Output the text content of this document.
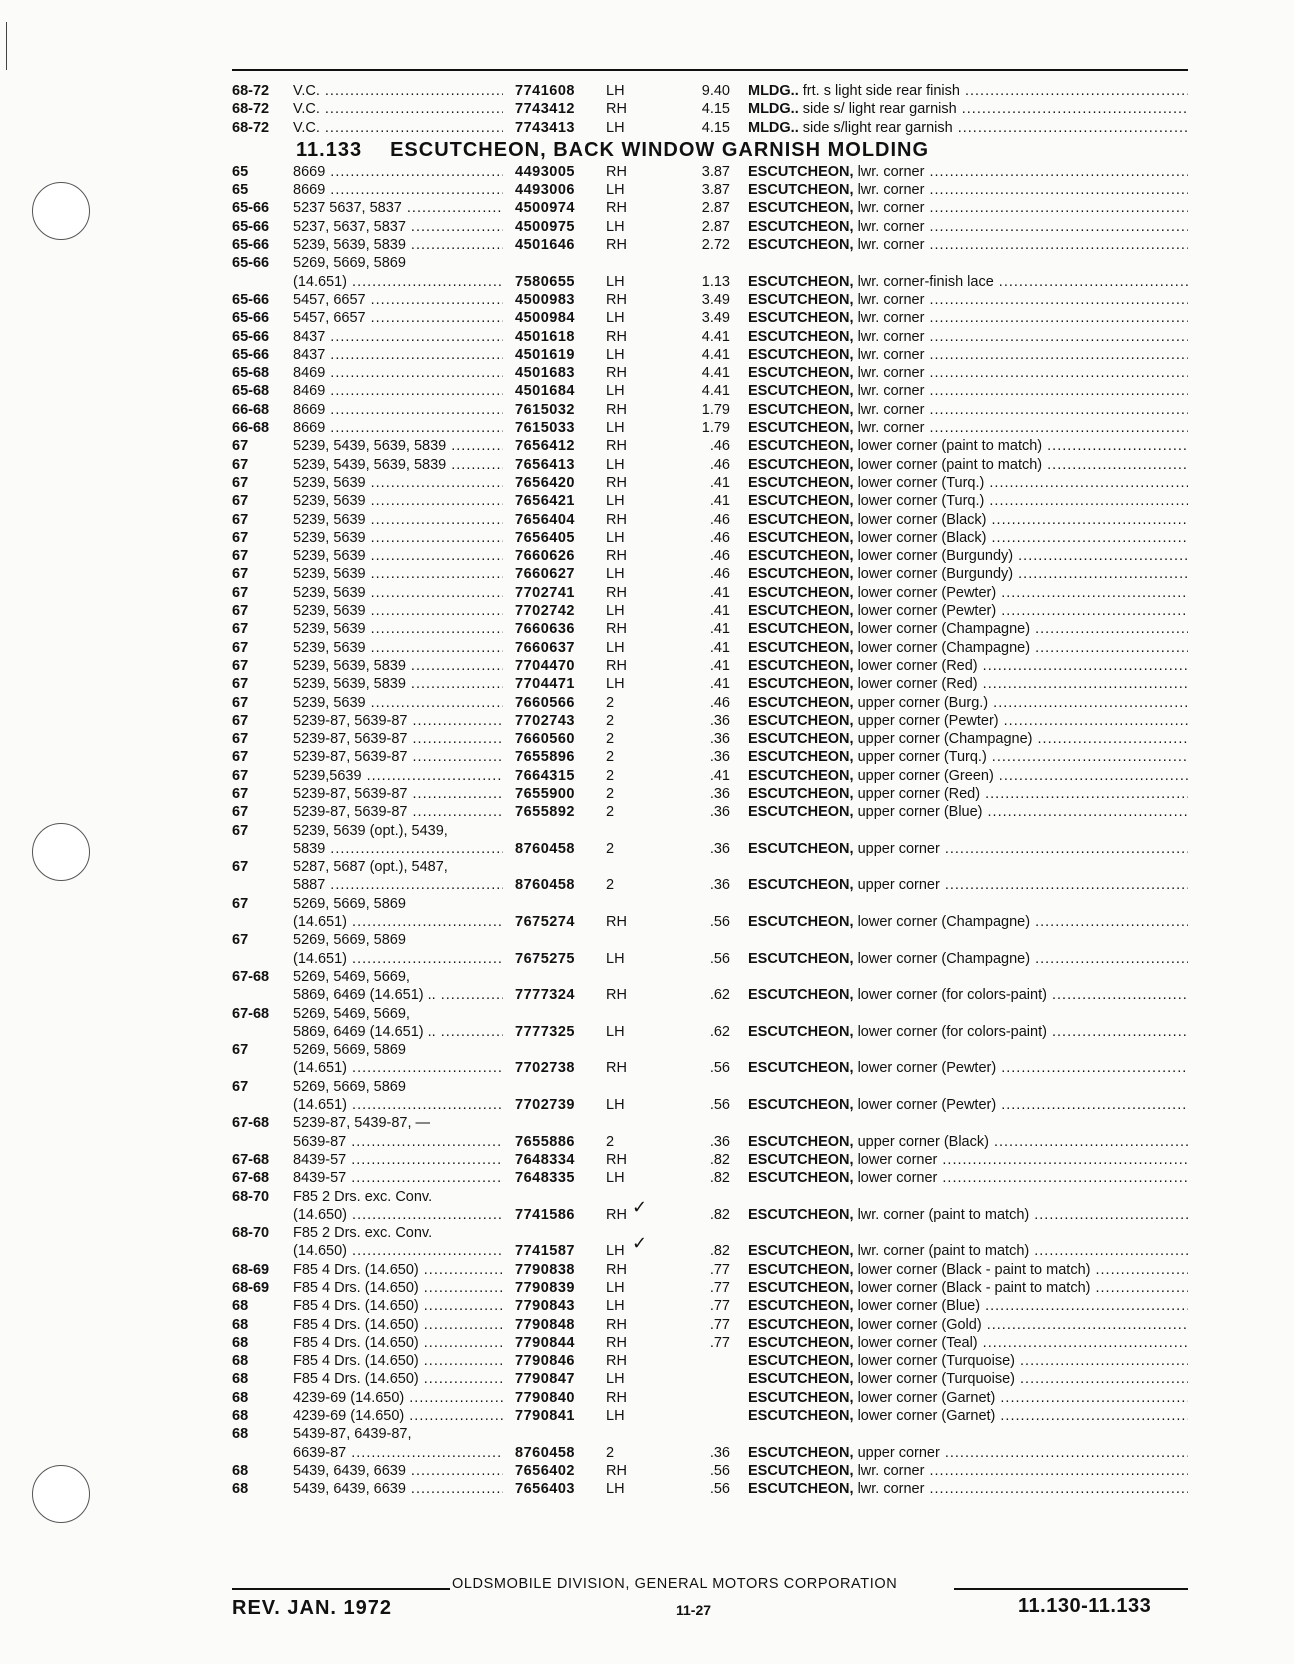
68-72	V.C. .....	7741608	LH	9.40 MLDG.. frt. s light side rear finish .....
68-72	V.C. .....	7743412	RH	4.15 MLDG.. side s/ light rear garnish .....
68-72	V.C. .....	7743413	LH	4.15 MLDG.. side s/light rear garnish .....
11.133 ESCUTCHEON, BACK WINDOW GARNISH MOLDING
65	8669 .....	4493005	RH	3.87 ESCUTCHEON, lwr. corner .....
65	8669 .....	4493006	LH	3.87 ESCUTCHEON, lwr. corner .....
65-66	5237 5637, 5837 .....	4500974	RH	2.87 ESCUTCHEON, lwr. corner .....
65-66	5237, 5637, 5837 .....	4500975	LH	2.87 ESCUTCHEON, lwr. corner .....
65-66	5239, 5639, 5839 .....	4501646	RH	2.72 ESCUTCHEON, lwr. corner .....
65-66	5269, 5669, 5869
(14.651) .....	7580655	LH	1.13 ESCUTCHEON, lwr. corner-finish lace .....
65-66	5457, 6657 .....	4500983	RH	3.49 ESCUTCHEON, lwr. corner .....
65-66	5457, 6657 .....	4500984	LH	3.49 ESCUTCHEON, lwr. corner .....
65-66	8437 .....	4501618	RH	4.41 ESCUTCHEON, lwr. corner .....
65-66	8437 .....	4501619	LH	4.41 ESCUTCHEON, lwr. corner .....
65-68	8469 .....	4501683	RH	4.41 ESCUTCHEON, lwr. corner .....
65-68	8469 .....	4501684	LH	4.41 ESCUTCHEON, lwr. corner .....
66-68	8669 .....	7615032	RH	1.79 ESCUTCHEON, lwr. corner .....
66-68	8669 .....	7615033	LH	1.79 ESCUTCHEON, lwr. corner .....
67	5239, 5439, 5639, 5839 .....	7656412	RH	.46 ESCUTCHEON, lower corner (paint to match) .....
67	5239, 5439, 5639, 5839 .....	7656413	LH	.46 ESCUTCHEON, lower corner (paint to match) .....
67	5239, 5639 .....	7656420	RH	.41 ESCUTCHEON, lower corner (Turq.) .....
67	5239, 5639 .....	7656421	LH	.41 ESCUTCHEON, lower corner (Turq.) .....
67	5239, 5639 .....	7656404	RH	.46 ESCUTCHEON, lower corner (Black) .....
67	5239, 5639 .....	7656405	LH	.46 ESCUTCHEON, lower corner (Black) .....
67	5239, 5639 .....	7660626	RH	.46 ESCUTCHEON, lower corner (Burgundy) .....
67	5239, 5639 .....	7660627	LH	.46 ESCUTCHEON, lower corner (Burgundy) .....
67	5239, 5639 .....	7702741	RH	.41 ESCUTCHEON, lower corner (Pewter) .....
67	5239, 5639 .....	7702742	LH	.41 ESCUTCHEON, lower corner (Pewter) .....
67	5239, 5639 .....	7660636	RH	.41 ESCUTCHEON, lower corner (Champagne) .....
67	5239, 5639 .....	7660637	LH	.41 ESCUTCHEON, lower corner (Champagne) .....
67	5239, 5639, 5839 .....	7704470	RH	.41 ESCUTCHEON, lower corner (Red) .....
67	5239, 5639, 5839 .....	7704471	LH	.41 ESCUTCHEON, lower corner (Red) .....
67	5239, 5639 .....	7660566	2	.46 ESCUTCHEON, upper corner (Burg.) .....
67	5239-87, 5639-87 .....	7702743	2	.36 ESCUTCHEON, upper corner (Pewter) .....
67	5239-87, 5639-87 .....	7660560	2	.36 ESCUTCHEON, upper corner (Champagne) .....
67	5239-87, 5639-87 .....	7655896	2	.36 ESCUTCHEON, upper corner (Turq.) .....
67	5239,5639 .....	7664315	2	.41 ESCUTCHEON, upper corner (Green) .....
67	5239-87, 5639-87 .....	7655900	2	.36 ESCUTCHEON, upper corner (Red) .....
67	5239-87, 5639-87 .....	7655892	2	.36 ESCUTCHEON, upper corner (Blue) .....
67	5239, 5639 (opt.), 5439,
5839 .....	8760458	2	.36 ESCUTCHEON, upper corner .....
67	5287, 5687 (opt.), 5487,
5887 .....	8760458	2	.36 ESCUTCHEON, upper corner .....
67	5269, 5669, 5869
(14.651) .....	7675274	RH	.56 ESCUTCHEON, lower corner (Champagne) .....
67	5269, 5669, 5869
(14.651) .....	7675275	LH	.56 ESCUTCHEON, lower corner (Champagne) .....
67-68	5269, 5469, 5669,
5869, 6469 (14.651) .. .....	7777324	RH	.62 ESCUTCHEON, lower corner (for colors-paint) .....
67-68	5269, 5469, 5669,
5869, 6469 (14.651) .. .....	7777325	LH	.62 ESCUTCHEON, lower corner (for colors-paint) .....
67	5269, 5669, 5869
(14.651) .....	7702738	RH	.56 ESCUTCHEON, lower corner (Pewter) .....
67	5269, 5669, 5869
(14.651) .....	7702739	LH	.56 ESCUTCHEON, lower corner (Pewter) .....
67-68	5239-87, 5439-87, —
5639-87 .....	7655886	2	.36 ESCUTCHEON, upper corner (Black) .....
67-68	8439-57 .....	7648334	RH	.82 ESCUTCHEON, lower corner .....
67-68	8439-57 .....	7648335	LH	.82 ESCUTCHEON, lower corner .....
68-70	F85 2 Drs. exc. Conv.
(14.650) .....	7741586	RH	.82 ESCUTCHEON, lwr. corner (paint to match) .....
✓
68-70	F85 2 Drs. exc. Conv.
(14.650) .....	7741587	LH	.82 ESCUTCHEON, lwr. corner (paint to match) .....
✓
68-69	F85 4 Drs. (14.650) .....	7790838	RH	.77 ESCUTCHEON, lower corner (Black - paint to match) .....
68-69	F85 4 Drs. (14.650) .....	7790839	LH	.77 ESCUTCHEON, lower corner (Black - paint to match) .....
68	F85 4 Drs. (14.650) .....	7790843	LH	.77 ESCUTCHEON, lower corner (Blue) .....
68	F85 4 Drs. (14.650) .....	7790848	RH	.77 ESCUTCHEON, lower corner (Gold) .....
68	F85 4 Drs. (14.650) .....	7790844	RH	.77 ESCUTCHEON, lower corner (Teal) .....
68	F85 4 Drs. (14.650) .....	7790846	RH	ESCUTCHEON, lower corner (Turquoise) .....
68	F85 4 Drs. (14.650) .....	7790847	LH	ESCUTCHEON, lower corner (Turquoise) .....
68	4239-69 (14.650) .....	7790840	RH	ESCUTCHEON, lower corner (Garnet) .....
68	4239-69 (14.650) .....	7790841	LH	ESCUTCHEON, lower corner (Garnet) .....
68	5439-87, 6439-87,
6639-87 .....	8760458	2	.36 ESCUTCHEON, upper corner .....
68	5439, 6439, 6639 .....	7656402	RH	.56 ESCUTCHEON, lwr. corner .....
68	5439, 6439, 6639 .....	7656403	LH	.56 ESCUTCHEON, lwr. corner .....
OLDSMOBILE DIVISION, GENERAL MOTORS CORPORATION
REV. JAN. 1972	11-27	11.130-11.133
